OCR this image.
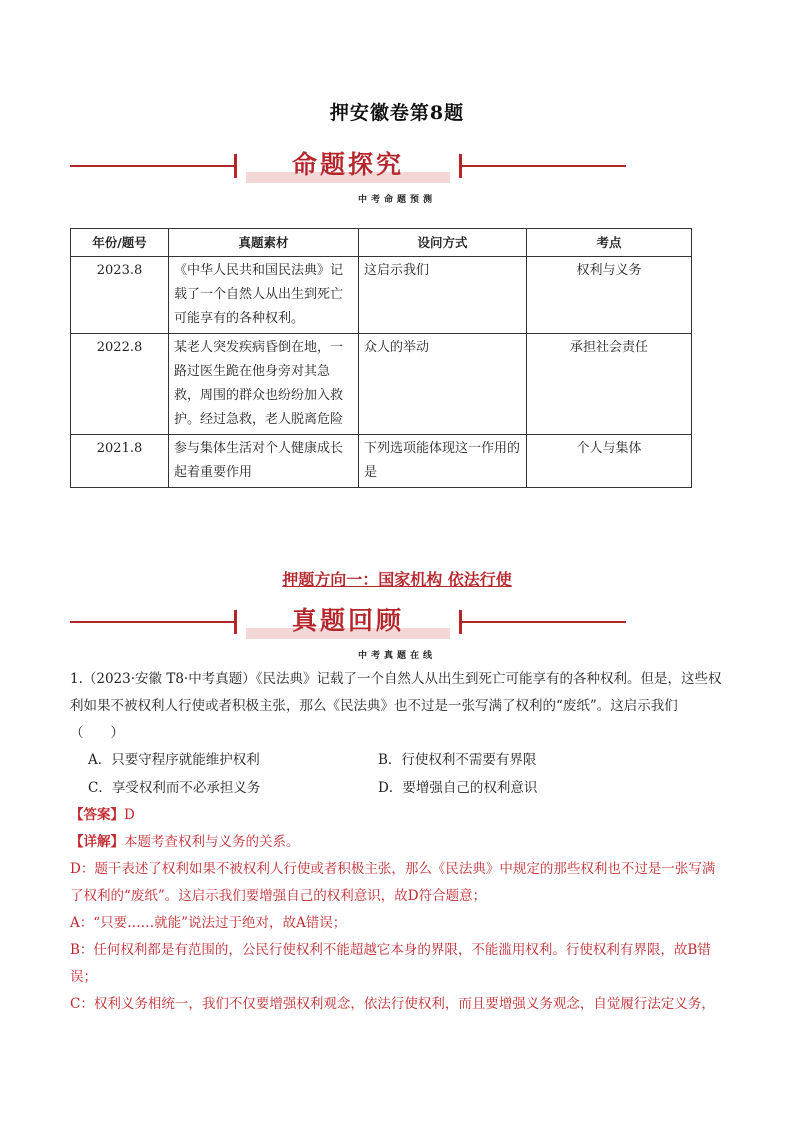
押安徽卷第8题
命题探究
中考命题预测
年份/题号	真题素材	设问方式	考点
2023.8	《中华人民共和国民法典》记载了一个自然人从出生到死亡可能享有的各种权利。	这启示我们	权利与义务
2022.8	某老人突发疾病昏倒在地，一路过医生跪在他身旁对其急救，周围的群众也纷纷加入救护。经过急救，老人脱离危险	众人的举动	承担社会责任
2021.8	参与集体生活对个人健康成长起着重要作用	下列选项能体现这一作用的是	个人与集体
押题方向一：国家机构 依法行使
真题回顾
中考真题在线

1.（2023·安徽 T8·中考真题）《民法典》记载了一个自然人从出生到死亡可能享有的各种权利。但是，这些权利如果不被权利人行使或者积极主张，那么《民法典》也不过是一张写满了权利的“废纸”。这启示我们（　　）

A．只要守程序就能维护权利	B．行使权利不需要有界限
C．享受权利而不必承担义务	D．要增强自己的权利意识

【答案】D

【详解】本题考查权利与义务的关系。

D：题干表述了权利如果不被权利人行使或者积极主张，那么《民法典》中规定的那些权利也不过是一张写满了权利的“废纸”。这启示我们要增强自己的权利意识，故D符合题意；

A：“只要……就能”说法过于绝对，故A错误；

B：任何权利都是有范围的，公民行使权利不能超越它本身的界限，不能滥用权利。行使权利有界限，故B错误；

C：权利义务相统一，我们不仅要增强权利观念，依法行使权利，而且要增强义务观念，自觉履行法定义务，
